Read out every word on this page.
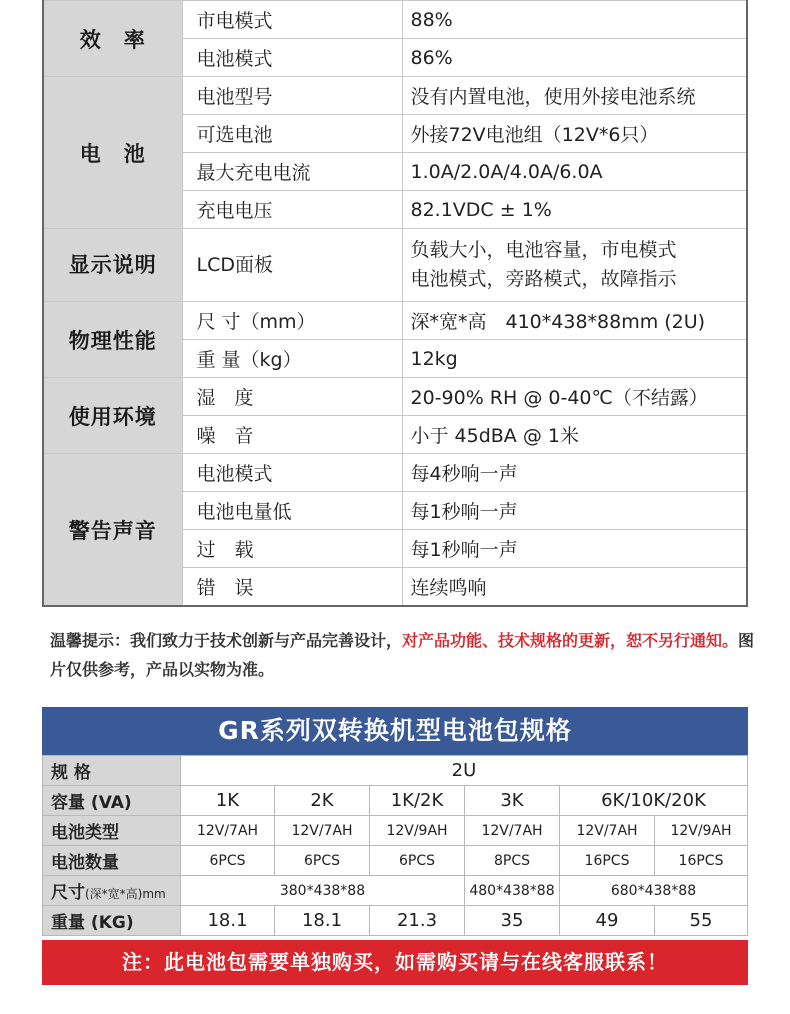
效　率	市电模式	88%
	电池模式	86%
电　池	电池型号	没有内置电池，使用外接电池系统
	可选电池	外接72V电池组（12V*6只）
	最大充电电流	1.0A/2.0A/4.0A/6.0A
	充电电压	82.1VDC ± 1%
显示说明	LCD面板	负载大小，电池容量，市电模式
电池模式，旁路模式，故障指示

物理性能	尺 寸（mm）	深*宽*高　410*438*88mm (2U)
	重 量（kg）	12kg
使用环境	湿　度	20-90% RH @ 0-40℃（不结露）
	噪　音	小于 45dBA @ 1米
警告声音	电池模式	每4秒响一声
	电池电量低	每1秒响一声
	过　载	每1秒响一声
	错　误	连续鸣响
温馨提示：我们致力于技术创新与产品完善设计，对产品功能、技术规格的更新，恕不另行通知。图片仅供参考，产品以实物为准。
GR系列双转换机型电池包规格
规 格	2U					
容量 (VA)	1K	2K	1K/2K	3K	6K/10K/20K	
电池类型	12V/7AH	12V/7AH	12V/9AH	12V/7AH	12V/7AH	12V/9AH
电池数量	6PCS	6PCS	6PCS	8PCS	16PCS	16PCS
尺寸(深*宽*高)mm	380*438*88			480*438*88	680*438*88	
重量 (KG)	18.1	18.1	21.3	35	49	55
注：此电池包需要单独购买，如需购买请与在线客服联系！
